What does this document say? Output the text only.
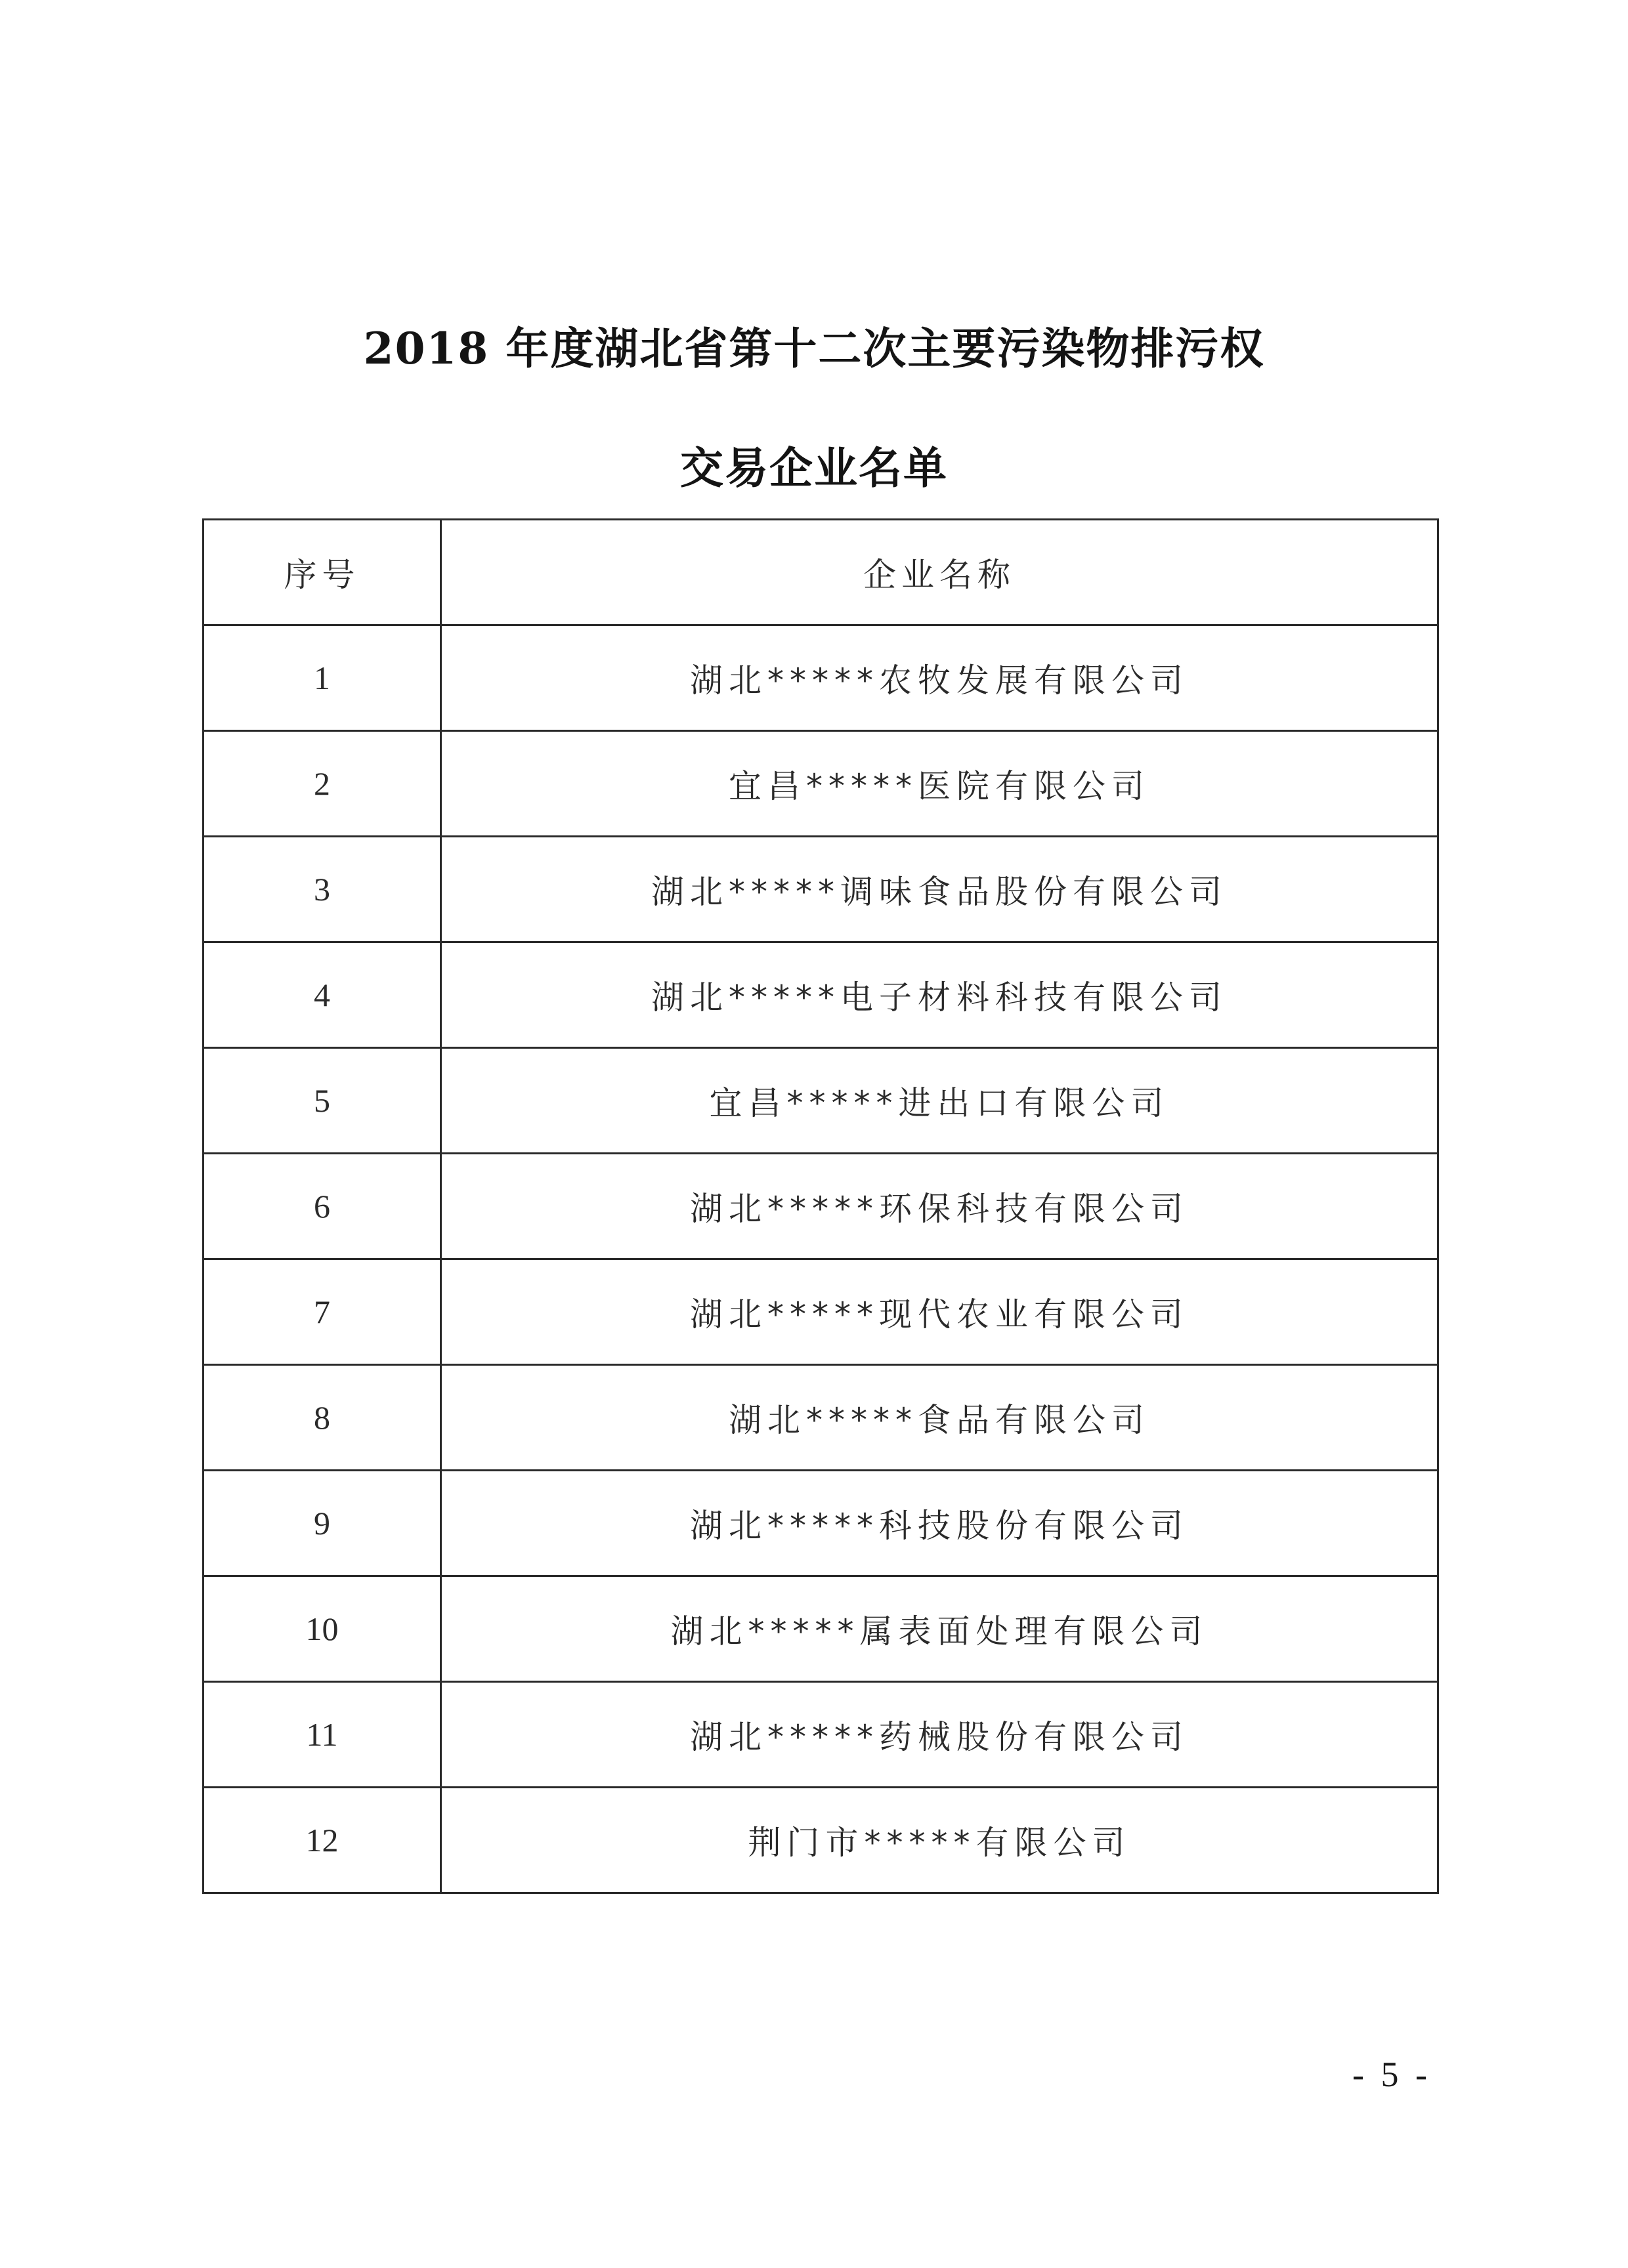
2018 年度湖北省第十二次主要污染物排污权
交易企业名单
序号	企业名称
1	湖北*****农牧发展有限公司
2	宜昌*****医院有限公司
3	湖北*****调味食品股份有限公司
4	湖北*****电子材料科技有限公司
5	宜昌*****进出口有限公司
6	湖北*****环保科技有限公司
7	湖北*****现代农业有限公司
8	湖北*****食品有限公司
9	湖北*****科技股份有限公司
10	湖北*****属表面处理有限公司
11	湖北*****药械股份有限公司
12	荆门市*****有限公司
- 5 -
